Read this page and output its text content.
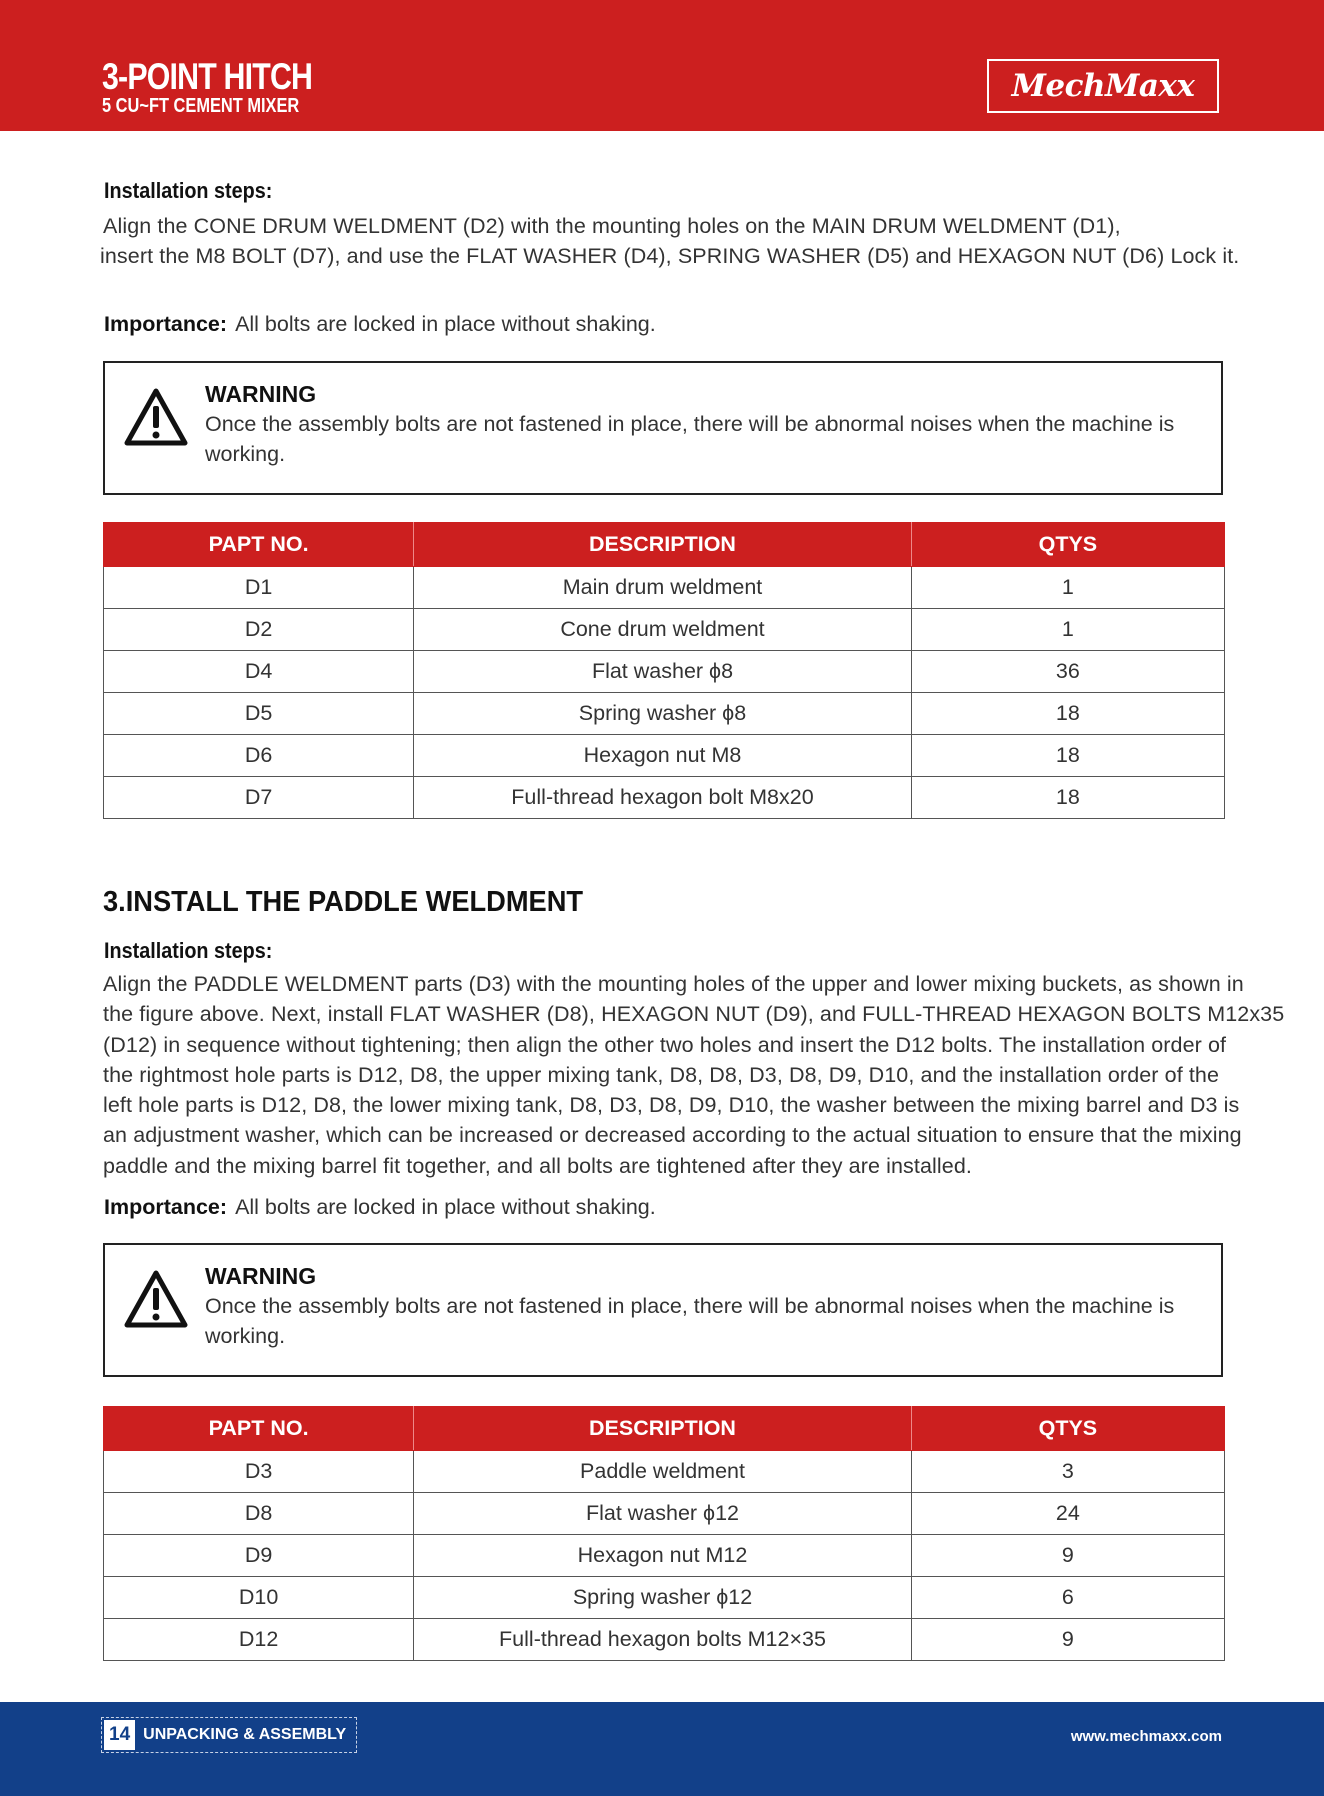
3-POINT HITCH
5 CU~FT CEMENT MIXER
MechMaxx
Installation steps:
Align the CONE DRUM WELDMENT (D2) with the mounting holes on the MAIN DRUM WELDMENT (D1),
insert the M8 BOLT (D7), and use the FLAT WASHER (D4), SPRING WASHER (D5) and HEXAGON NUT (D6) Lock it.
Importance: All bolts are locked in place without shaking.
WARNING
Once the assembly bolts are not fastened in place, there will be abnormal noises when the machine is working.
PAPT NO.	DESCRIPTION	QTYS
D1	Main drum weldment	1
D2	Cone drum weldment	1
D4	Flat washer ϕ8	36
D5	Spring washer ϕ8	18
D6	Hexagon nut M8	18
D7	Full-thread hexagon bolt M8x20	18
3.INSTALL THE PADDLE WELDMENT
Installation steps:
Align the PADDLE WELDMENT parts (D3) with the mounting holes of the upper and lower mixing buckets, as shown in
the figure above. Next, install FLAT WASHER (D8), HEXAGON NUT (D9), and FULL-THREAD HEXAGON BOLTS M12x35
(D12) in sequence without tightening; then align the other two holes and insert the D12 bolts. The installation order of
the rightmost hole parts is D12, D8, the upper mixing tank, D8, D8, D3, D8, D9, D10, and the installation order of the
left hole parts is D12, D8, the lower mixing tank, D8, D3, D8, D9, D10, the washer between the mixing barrel and D3 is
an adjustment washer, which can be increased or decreased according to the actual situation to ensure that the mixing
paddle and the mixing barrel fit together, and all bolts are tightened after they are installed.
Importance: All bolts are locked in place without shaking.
WARNING
Once the assembly bolts are not fastened in place, there will be abnormal noises when the machine is working.
PAPT NO.	DESCRIPTION	QTYS
D3	Paddle weldment	3
D8	Flat washer ϕ12	24
D9	Hexagon nut M12	9
D10	Spring washer ϕ12	6
D12	Full-thread hexagon bolts M12×35	9
14 UNPACKING & ASSEMBLY	www.mechmaxx.com
